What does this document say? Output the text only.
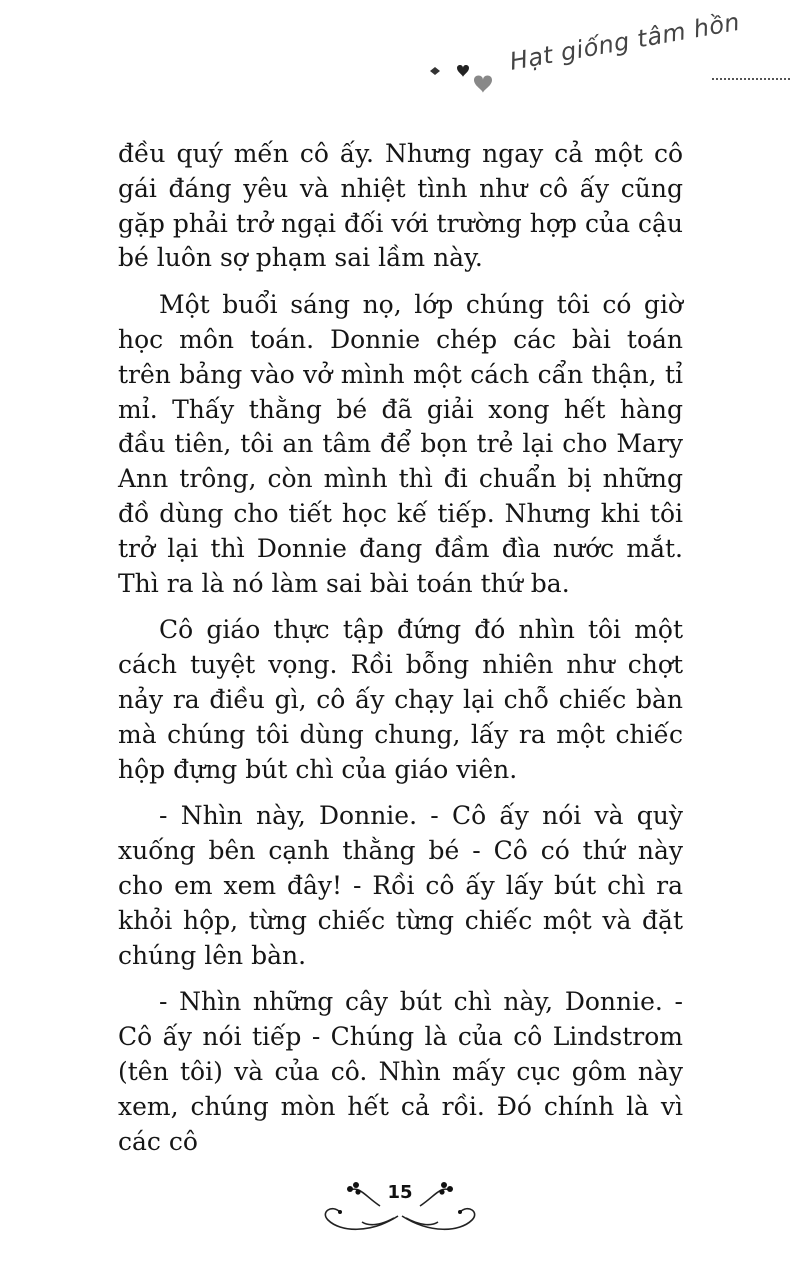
Hạt giống tâm hồn

đều quý mến cô ấy. Nhưng ngay cả một cô gái đáng yêu và nhiệt tình như cô ấy cũng gặp phải trở ngại đối với trường hợp của cậu bé luôn sợ phạm sai lầm này.

Một buổi sáng nọ, lớp chúng tôi có giờ học môn toán. Donnie chép các bài toán trên bảng vào vở mình một cách cẩn thận, tỉ mỉ. Thấy thằng bé đã giải xong hết hàng đầu tiên, tôi an tâm để bọn trẻ lại cho Mary Ann trông, còn mình thì đi chuẩn bị những đồ dùng cho tiết học kế tiếp. Nhưng khi tôi trở lại thì Donnie đang đầm đìa nước mắt. Thì ra là nó làm sai bài toán thứ ba.

Cô giáo thực tập đứng đó nhìn tôi một cách tuyệt vọng. Rồi bỗng nhiên như chợt nảy ra điều gì, cô ấy chạy lại chỗ chiếc bàn mà chúng tôi dùng chung, lấy ra một chiếc hộp đựng bút chì của giáo viên.

- Nhìn này, Donnie. - Cô ấy nói và quỳ xuống bên cạnh thằng bé - Cô có thứ này cho em xem đây! - Rồi cô ấy lấy bút chì ra khỏi hộp, từng chiếc từng chiếc một và đặt chúng lên bàn.

- Nhìn những cây bút chì này, Donnie. - Cô ấy nói tiếp - Chúng là của cô Lindstrom (tên tôi) và của cô. Nhìn mấy cục gôm này xem, chúng mòn hết cả rồi. Đó chính là vì các cô

15
